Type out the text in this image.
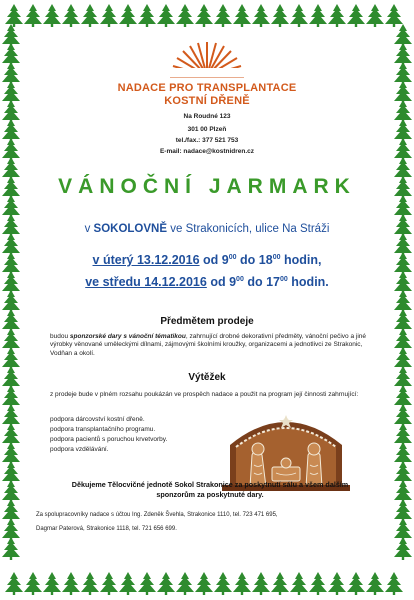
NADACE PRO TRANSPLANTACE
KOSTNÍ DŘENĚ
Na Roudné 123
301 00 Plzeň
tel./fax.: 377 521 753
E-mail: nadace@kostnidren.cz
VÁNOČNÍ JARMARK
v SOKOLOVNĚ ve Strakonicích, ulice Na Stráži
v úterý 13.12.2016 od $9^{00}$ do $18^{00}$ hodin,
ve středu 14.12.2016 od $9^{00}$ do $17^{00}$ hodin.
Předmětem prodeje
budou sponzorské dary s vánoční tématikou, zahrnující drobné dekorativní předměty, vánoční pečivo a jiné výrobky věnované uměleckými dílnami, zájmovými školními kroužky, organizacemi a jednotlivci ze Strakonic, Vodňan a okolí.
Výtěžek
z prodeje bude v plném rozsahu poukázán ve prospěch nadace a použit na program její činnosti zahrnující:
podpora dárcovství kostní dřeně.
podpora transplantačního programu.
podpora pacientů s poruchou krvetvorby.
podpora vzdělávání.
Děkujeme Tělocvičné jednotě Sokol Strakonice za poskytnutí sálu a všem dalším sponzorům za poskytnuté dary.
Za spolupracovníky nadace s účtou Ing. Zdeněk Švehla, Strakonice 1110, tel. 723 471 695,
Dagmar Paterová, Strakonice 1118, tel. 721 656 699.
